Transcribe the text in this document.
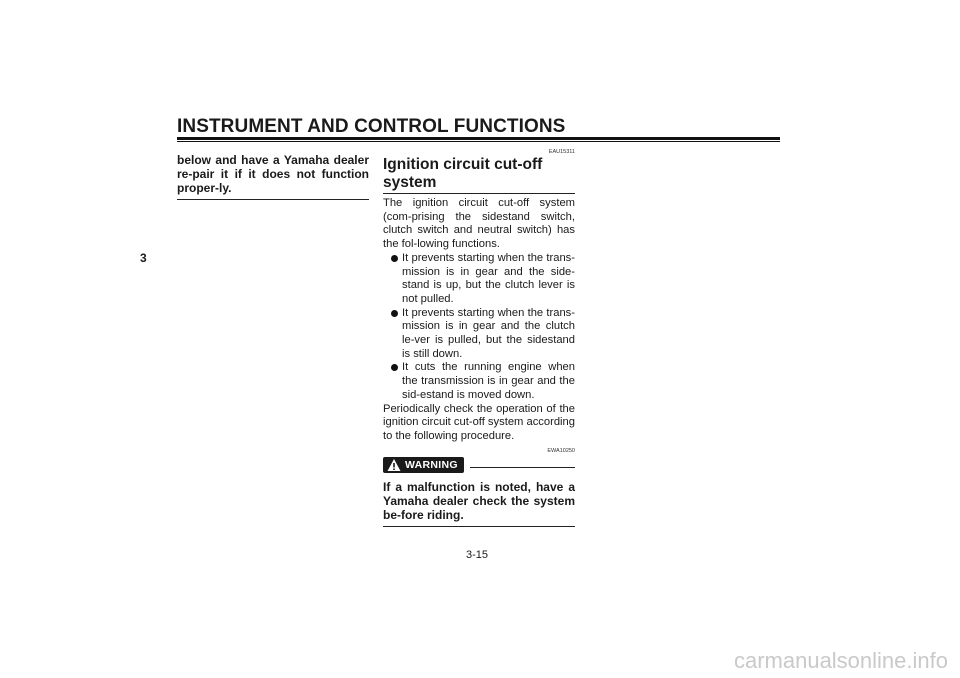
INSTRUMENT AND CONTROL FUNCTIONS
3

below and have a Yamaha dealer re-pair it if it does not function proper-ly.

EAU15311

Ignition circuit cut-off system

The ignition circuit cut-off system (com-prising the sidestand switch, clutch switch and neutral switch) has the fol-lowing functions.

It prevents starting when the trans-mission is in gear and the side-stand is up, but the clutch lever is not pulled.
It prevents starting when the trans-mission is in gear and the clutch le-ver is pulled, but the sidestand is still down.
It cuts the running engine when the transmission is in gear and the sid-estand is moved down.

Periodically check the operation of the ignition circuit cut-off system according to the following procedure.

EWA10250

WARNING

If a malfunction is noted, have a Yamaha dealer check the system be-fore riding.

3-15
carmanualsonline.info
